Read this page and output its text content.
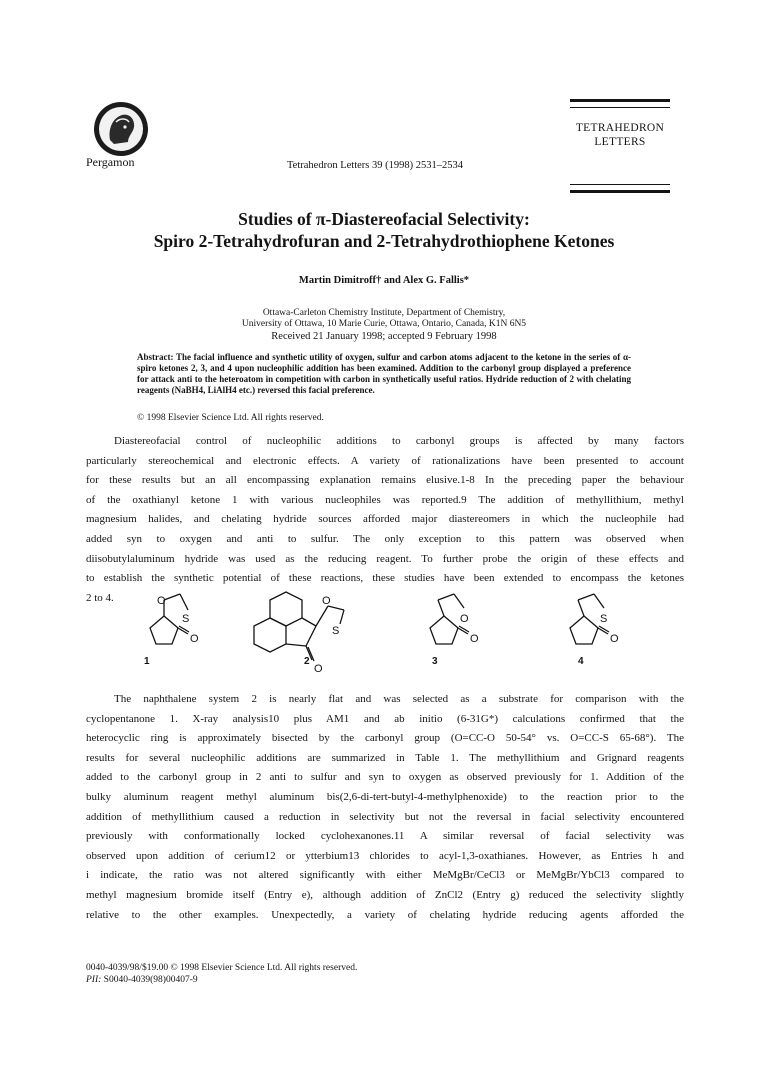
Pergamon	Tetrahedron Letters 39 (1998) 2531–2534
TETRAHEDRON
LETTERS
Studies of π-Diastereofacial Selectivity:
Spiro 2-Tetrahydrofuran and 2-Tetrahydrothiophene Ketones
Martin Dimitroff† and Alex G. Fallis*
Ottawa-Carleton Chemistry Institute, Department of Chemistry,
University of Ottawa, 10 Marie Curie, Ottawa, Ontario, Canada, K1N 6N5
Received 21 January 1998; accepted 9 February 1998
Abstract: The facial influence and synthetic utility of oxygen, sulfur and carbon atoms adjacent to the ketone in the series of α-spiro ketones 2, 3, and 4 upon nucleophilic addition has been examined. Addition to the carbonyl group displayed a preference for attack anti to the heteroatom in competition with carbon in synthetically useful ratios. Hydride reduction of 2 with chelating reagents (NaBH4, LiAlH4 etc.) reversed this facial preference.
© 1998 Elsevier Science Ltd. All rights reserved.
Diastereofacial control of nucleophilic additions to carbonyl groups is affected by many factors
particularly stereochemical and electronic effects. A variety of rationalizations have been presented to account
for these results but an all encompassing explanation remains elusive.1-8 In the preceding paper the behaviour
of the oxathianyl ketone 1 with various nucleophiles was reported.9 The addition of methyllithium, methyl
magnesium halides, and chelating hydride sources afforded major diastereomers in which the nucleophile had
added syn to oxygen and anti to sulfur. The only exception to this pattern was observed when
diisobutylaluminum hydride was used as the reducing reagent. To further probe the origin of these effects and
to establish the synthetic potential of these reactions, these studies have been extended to encompass the ketones
2 to 4.	O
S
O
1
O
S
O
2
O
O
3
S
O
4
The naphthalene system 2 is nearly flat and was selected as a substrate for comparison with the
cyclopentanone 1. X-ray analysis10 plus AM1 and ab initio (6-31G*) calculations confirmed that the
heterocyclic ring is approximately bisected by the carbonyl group (O=CC-O 50-54° vs. O=CC-S 65-68°). The
results for several nucleophilic additions are summarized in Table 1. The methyllithium and Grignard reagents
added to the carbonyl group in 2 anti to sulfur and syn to oxygen as observed previously for 1. Addition of the
bulky aluminum reagent methyl aluminum bis(2,6-di-tert-butyl-4-methylphenoxide) to the reaction prior to the
addition of methyllithium caused a reduction in selectivity but not the reversal in facial selectivity encountered
previously with conformationally locked cyclohexanones.11 A similar reversal of facial selectivity was
observed upon addition of cerium12 or ytterbium13 chlorides to acyl-1,3-oxathianes. However, as Entries h and
i indicate, the ratio was not altered significantly with either MeMgBr/CeCl3 or MeMgBr/YbCl3 compared to
methyl magnesium bromide itself (Entry e), although addition of ZnCl2 (Entry g) reduced the selectivity slightly
relative to the other examples. Unexpectedly, a variety of chelating hydride reducing agents afforded the
0040-4039/98/$19.00 © 1998 Elsevier Science Ltd. All rights reserved.
PII: S0040-4039(98)00407-9
